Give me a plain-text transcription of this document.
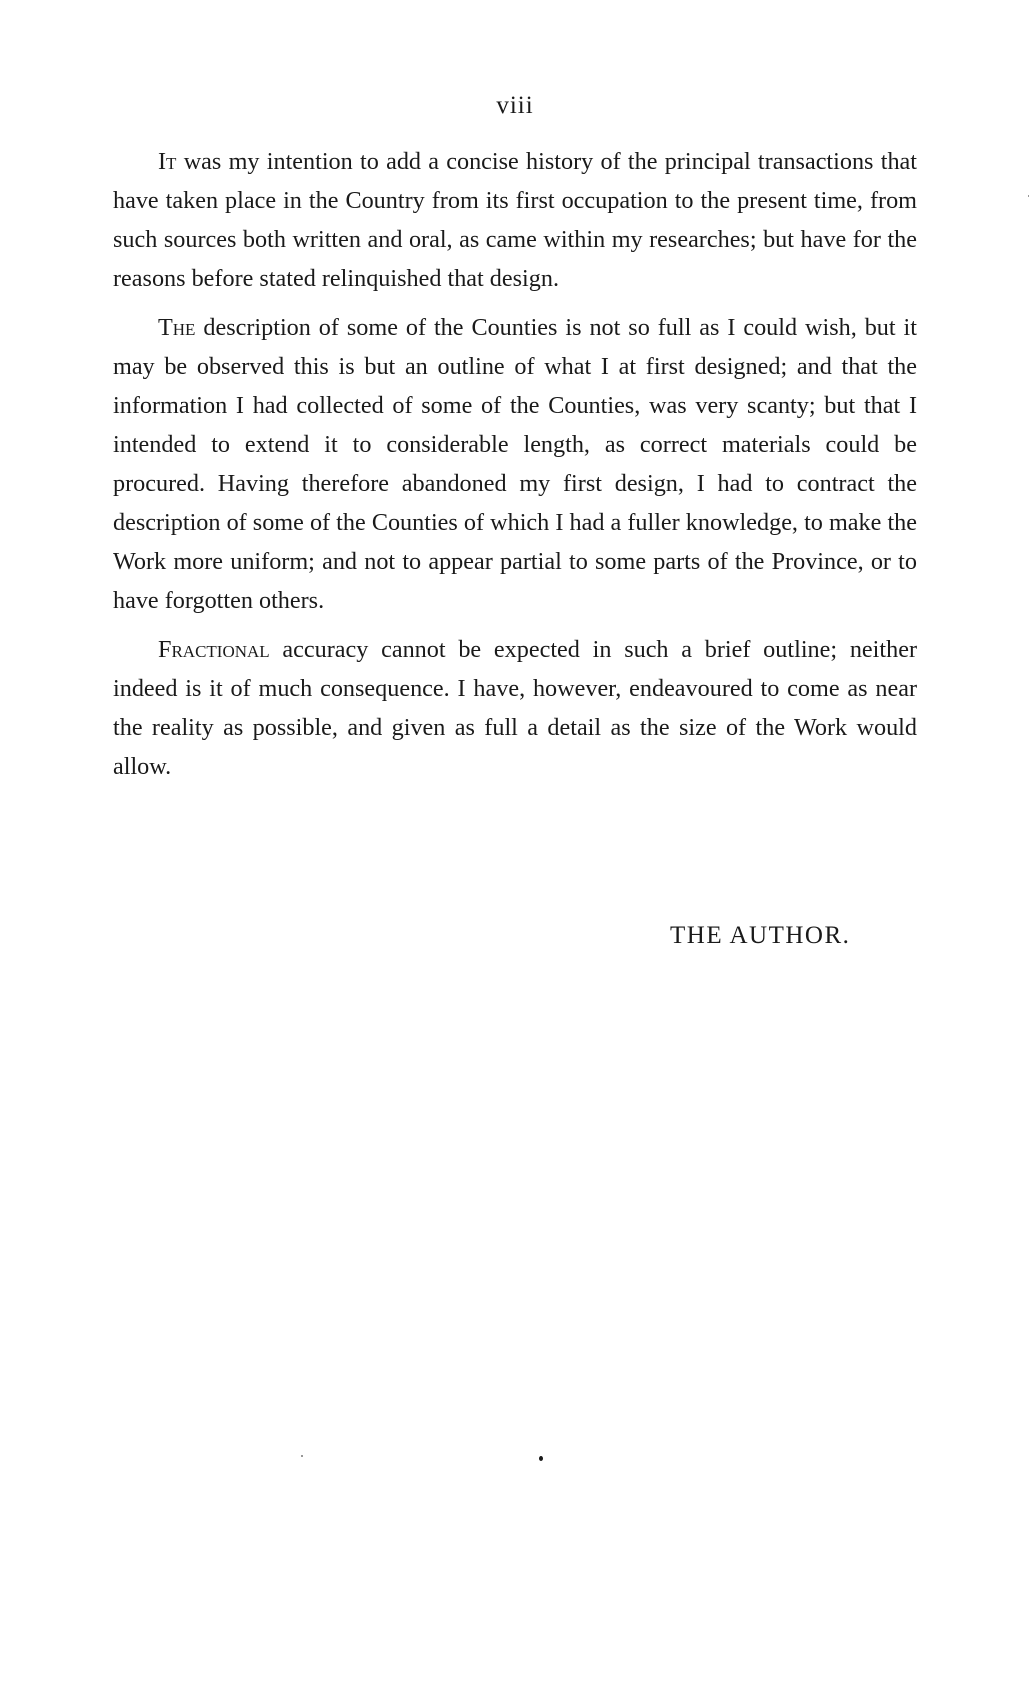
viii

It was my intention to add a concise history of the principal transactions that have taken place in the Country from its first occupation to the present time, from such sources both written and oral, as came within my researches; but have for the reasons before stated relinquished that design.

The description of some of the Counties is not so full as I could wish, but it may be observed this is but an outline of what I at first designed; and that the information I had collected of some of the Counties, was very scanty; but that I intended to extend it to considerable length, as correct materials could be procured. Having therefore abandoned my first design, I had to contract the description of some of the Counties of which I had a fuller knowledge, to make the Work more uniform; and not to appear partial to some parts of the Province, or to have forgotten others.

Fractional accuracy cannot be expected in such a brief outline; neither indeed is it of much consequence. I have, however, endeavoured to come as near the reality as possible, and given as full a detail as the size of the Work would allow.

THE AUTHOR.
